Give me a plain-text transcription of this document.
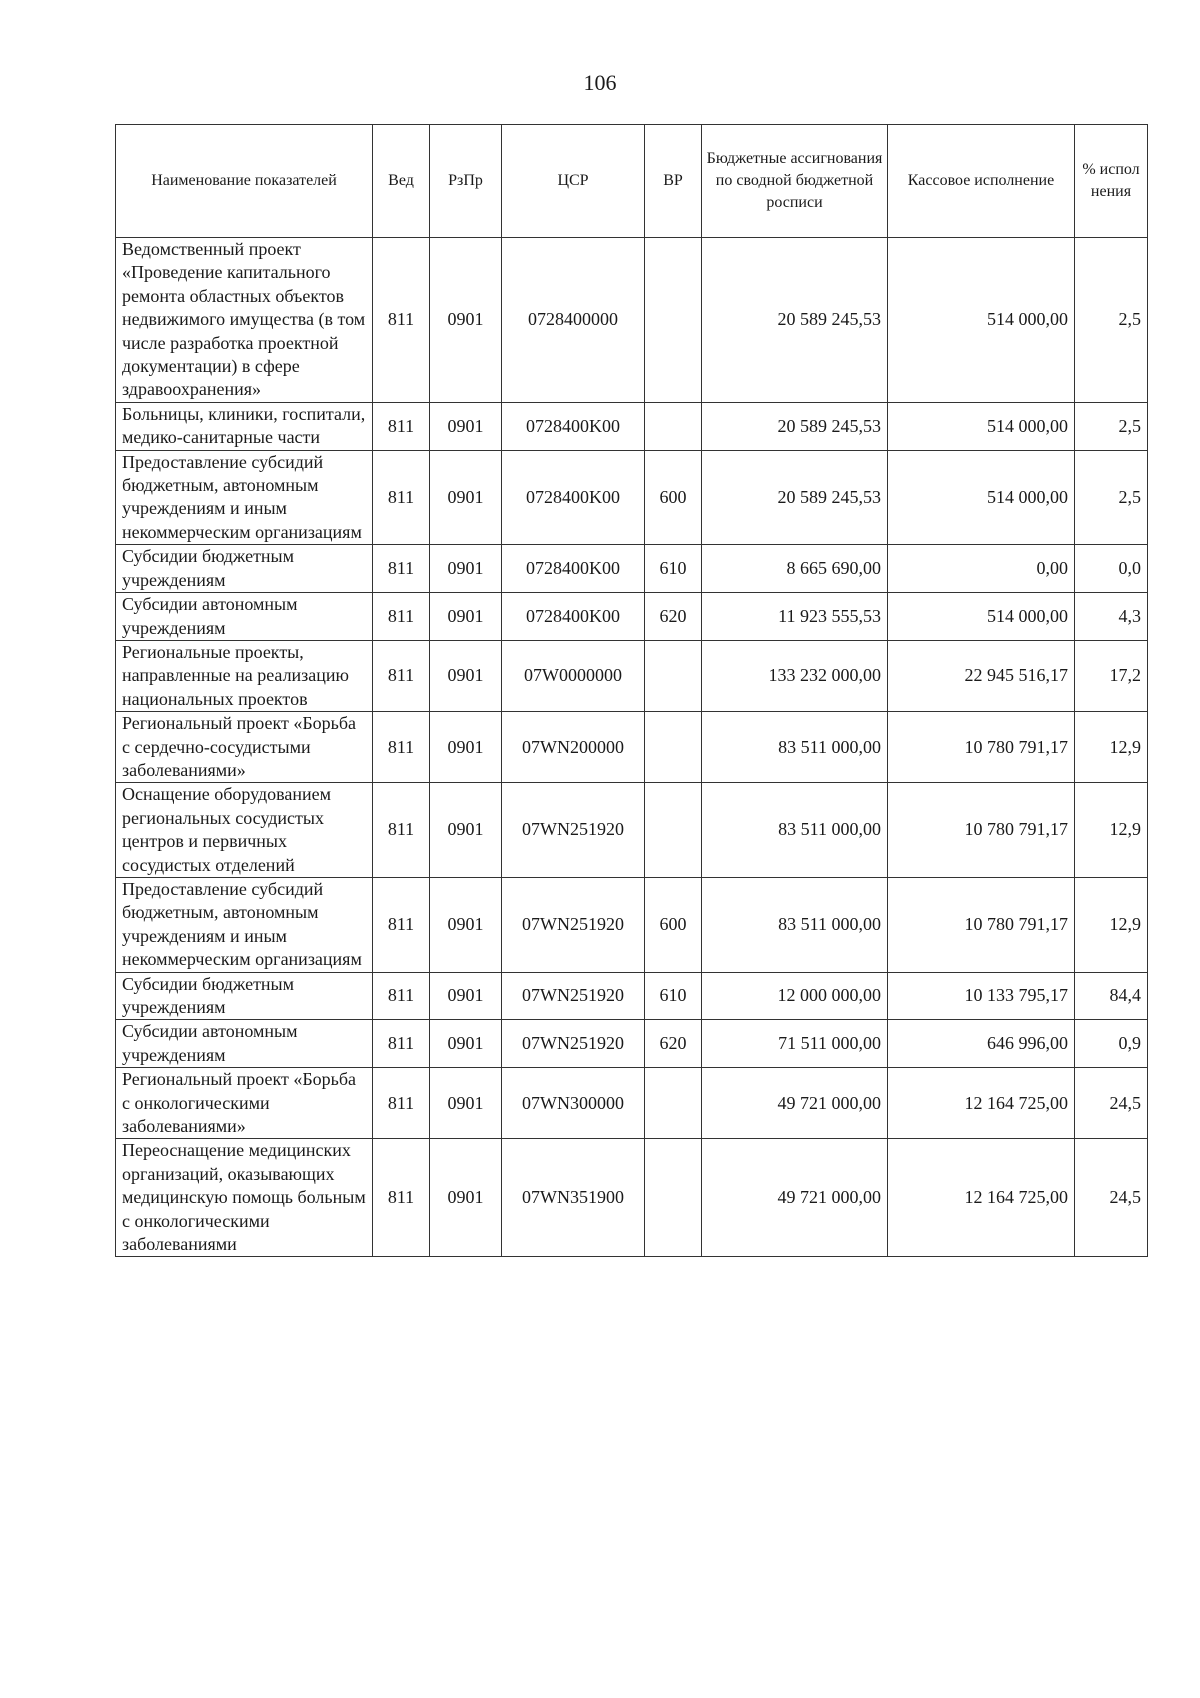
106
Наименование показателей	Вед	РзПр	ЦСР	ВР	Бюджетные ассигнования по сводной бюджетной росписи	Кассовое исполнение	% испол нения
Ведомственный проект «Проведение капитального ремонта областных объектов недвижимого имущества (в том числе разработка проектной документации) в сфере здравоохранения»	811	0901	0728400000		20 589 245,53	514 000,00	2,5
Больницы, клиники, госпитали, медико-санитарные части	811	0901	0728400K00		20 589 245,53	514 000,00	2,5
Предоставление субсидий бюджетным, автономным учреждениям и иным некоммерческим организациям	811	0901	0728400K00	600	20 589 245,53	514 000,00	2,5
Субсидии бюджетным учреждениям	811	0901	0728400K00	610	8 665 690,00	0,00	0,0
Субсидии автономным учреждениям	811	0901	0728400K00	620	11 923 555,53	514 000,00	4,3
Региональные проекты, направленные на реализацию национальных проектов	811	0901	07W0000000		133 232 000,00	22 945 516,17	17,2
Региональный проект «Борьба с сердечно-сосудистыми заболеваниями»	811	0901	07WN200000		83 511 000,00	10 780 791,17	12,9
Оснащение оборудованием региональных сосудистых центров и первичных сосудистых отделений	811	0901	07WN251920		83 511 000,00	10 780 791,17	12,9
Предоставление субсидий бюджетным, автономным учреждениям и иным некоммерческим организациям	811	0901	07WN251920	600	83 511 000,00	10 780 791,17	12,9
Субсидии бюджетным учреждениям	811	0901	07WN251920	610	12 000 000,00	10 133 795,17	84,4
Субсидии автономным учреждениям	811	0901	07WN251920	620	71 511 000,00	646 996,00	0,9
Региональный проект «Борьба с онкологическими заболеваниями»	811	0901	07WN300000		49 721 000,00	12 164 725,00	24,5
Переоснащение медицинских организаций, оказывающих медицинскую помощь больным с онкологическими заболеваниями	811	0901	07WN351900		49 721 000,00	12 164 725,00	24,5
